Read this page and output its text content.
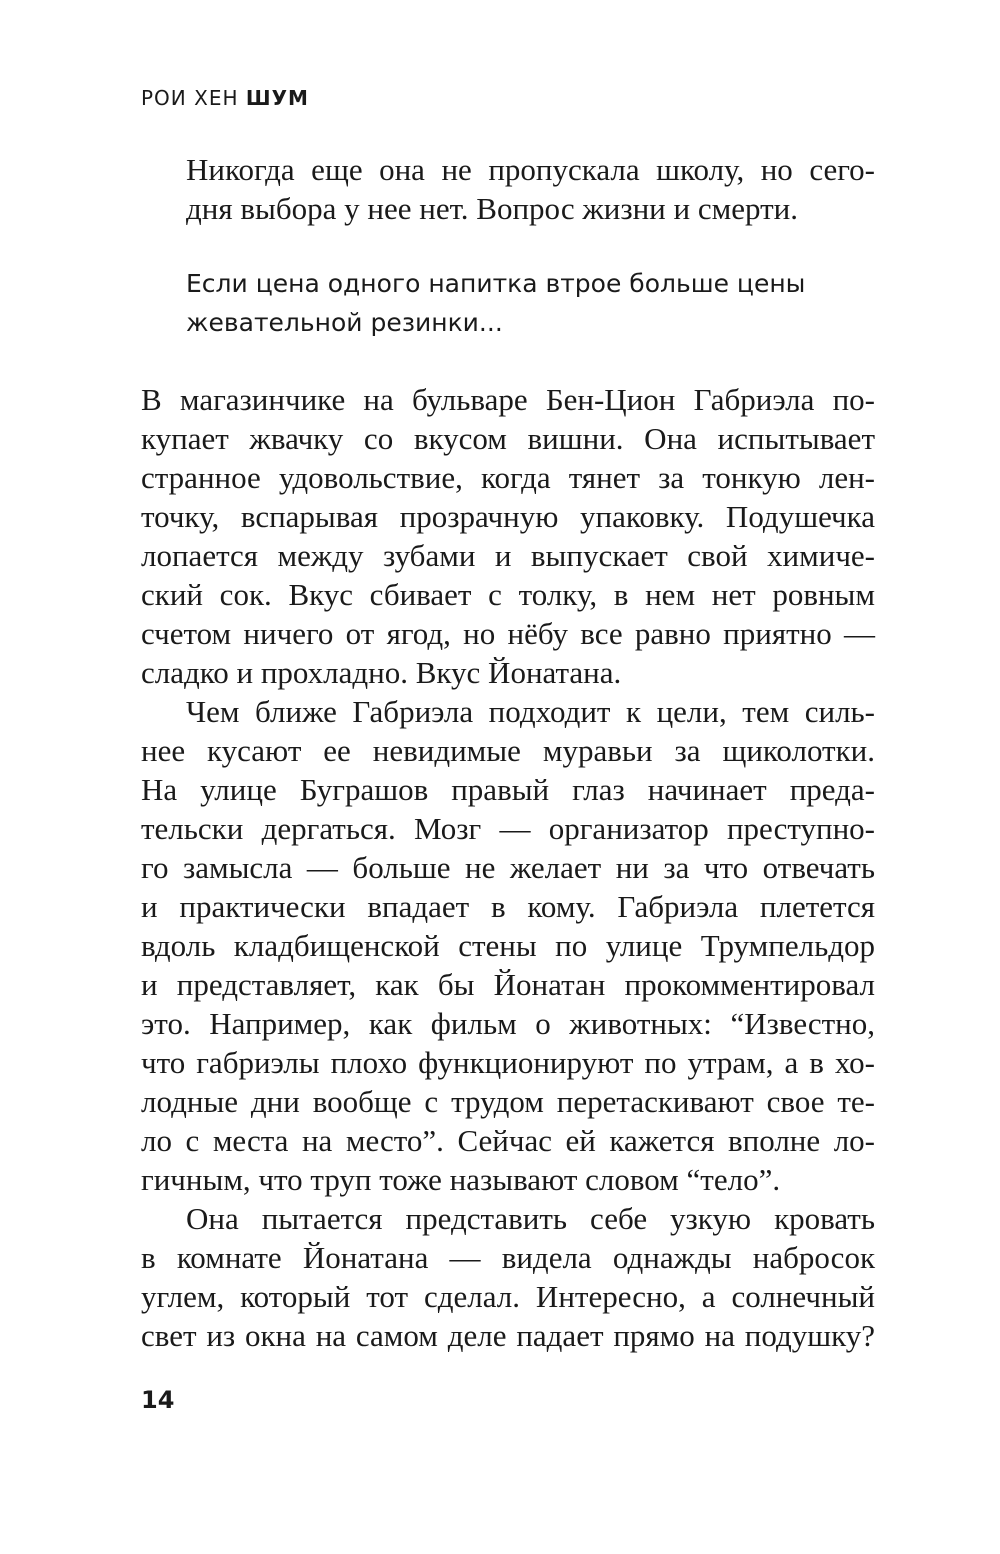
РОИ ХЕН ШУМ
Никогда еще она не пропускала школу, но сего-
дня выбора у нее нет. Вопрос жизни и смерти.
Если цена одного напитка втрое больше цены
жевательной резинки...
В магазинчике на бульваре Бен-Цион Габриэла по-
купает жвачку со вкусом вишни. Она испытывает
странное удовольствие, когда тянет за тонкую лен-
точку, вспарывая прозрачную упаковку. Подушечка
лопается между зубами и выпускает свой химиче-
ский сок. Вкус сбивает с толку, в нем нет ровным
счетом ничего от ягод, но нёбу все равно приятно —
сладко и прохладно. Вкус Йонатана.
Чем ближе Габриэла подходит к цели, тем силь-
нее кусают ее невидимые муравьи за щиколотки.
На улице Буграшов правый глаз начинает преда-
тельски дергаться. Мозг — организатор преступно-
го замысла — больше не желает ни за что отвечать
и практически впадает в кому. Габриэла плетется
вдоль кладбищенской стены по улице Трумпельдор
и представляет, как бы Йонатан прокомментировал
это. Например, как фильм о животных: “Известно,
что габриэлы плохо функционируют по утрам, а в хо-
лодные дни вообще с трудом перетаскивают свое те-
ло с места на место”. Сейчас ей кажется вполне ло-
гичным, что труп тоже называют словом “тело”.
Она пытается представить себе узкую кровать
в комнате Йонатана — видела однажды набросок
углем, который тот сделал. Интересно, а солнечный
свет из окна на самом деле падает прямо на подушку?
14
